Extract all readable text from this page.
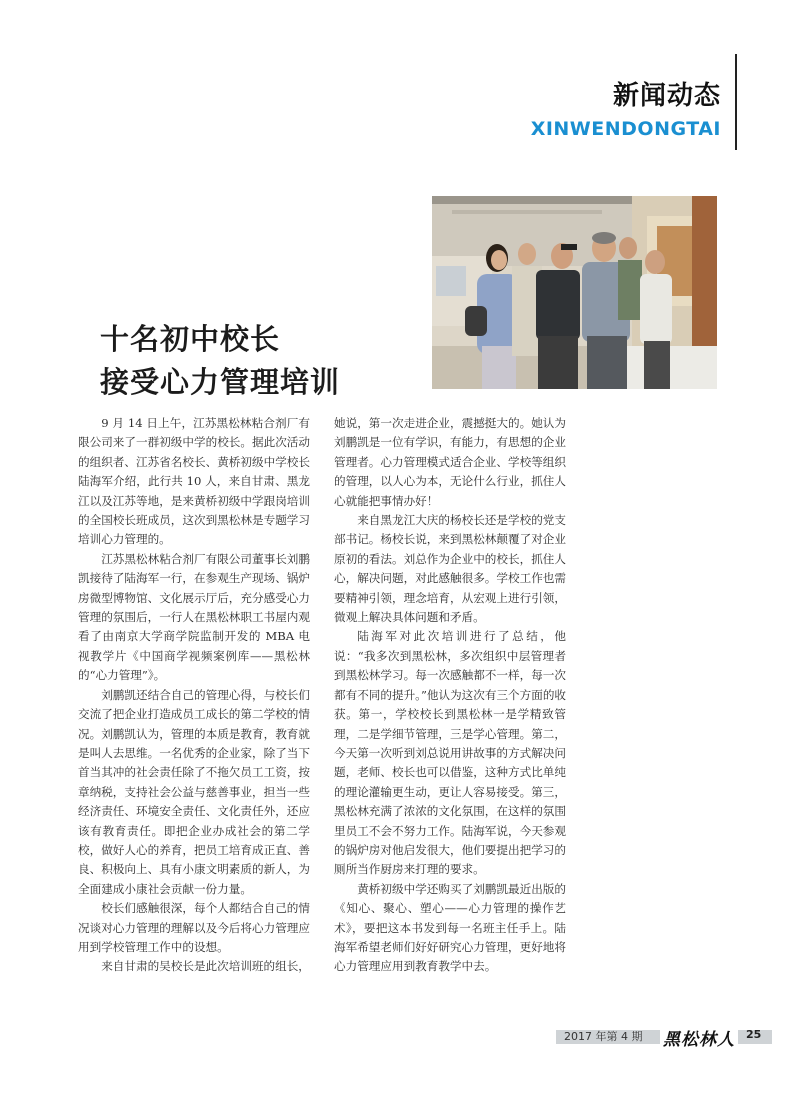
新闻动态
XINWENDONGTAI
十名初中校长
接受心力管理培训

9 月 14 日上午，江苏黑松林粘合剂厂有限公司来了一群初级中学的校长。据此次活动的组织者、江苏省名校长、黄桥初级中学校长陆海军介绍，此行共 10 人，来自甘肃、黑龙江以及江苏等地，是来黄桥初级中学跟岗培训的全国校长班成员，这次到黑松林是专题学习培训心力管理的。

江苏黑松林粘合剂厂有限公司董事长刘鹏凯接待了陆海军一行，在参观生产现场、锅炉房微型博物馆、文化展示厅后，充分感受心力管理的氛围后，一行人在黑松林职工书屋内观看了由南京大学商学院监制开发的 MBA 电视教学片《中国商学视频案例库——黑松林的“心力管理”》。

刘鹏凯还结合自己的管理心得，与校长们交流了把企业打造成员工成长的第二学校的情况。刘鹏凯认为，管理的本质是教育，教育就是叫人去思维。一名优秀的企业家，除了当下首当其冲的社会责任除了不拖欠员工工资，按章纳税，支持社会公益与慈善事业，担当一些经济责任、环境安全责任、文化责任外，还应该有教育责任。即把企业办成社会的第二学校，做好人心的养育，把员工培育成正直、善良、积极向上、具有小康文明素质的新人，为全面建成小康社会贡献一份力量。

校长们感触很深，每个人都结合自己的情况谈对心力管理的理解以及今后将心力管理应用到学校管理工作中的设想。

来自甘肃的吴校长是此次培训班的组长，

她说，第一次走进企业，震撼挺大的。她认为刘鹏凯是一位有学识，有能力，有思想的企业管理者。心力管理模式适合企业、学校等组织的管理，以人心为本，无论什么行业，抓住人心就能把事情办好！

来自黑龙江大庆的杨校长还是学校的党支部书记。杨校长说，来到黑松林颠覆了对企业原初的看法。刘总作为企业中的校长，抓住人心，解决问题，对此感触很多。学校工作也需要精神引领，理念培育，从宏观上进行引领，微观上解决具体问题和矛盾。

陆海军对此次培训进行了总结，他说：“我多次到黑松林，多次组织中层管理者到黑松林学习。每一次感触都不一样，每一次都有不同的提升。”他认为这次有三个方面的收获。第一，学校校长到黑松林一是学精致管理，二是学细节管理，三是学心管理。第二，今天第一次听到刘总说用讲故事的方式解决问题，老师、校长也可以借鉴，这种方式比单纯的理论灌输更生动，更让人容易接受。第三，黑松林充满了浓浓的文化氛围，在这样的氛围里员工不会不努力工作。陆海军说，今天参观的锅炉房对他启发很大，他们要提出把学习的厕所当作厨房来打理的要求。

黄桥初级中学还购买了刘鹏凯最近出版的《知心、聚心、塑心——心力管理的操作艺术》，要把这本书发到每一名班主任手上。陆海军希望老师们好好研究心力管理，更好地将心力管理应用到教育教学中去。

2017 年第 4 期 黑松林人 25
